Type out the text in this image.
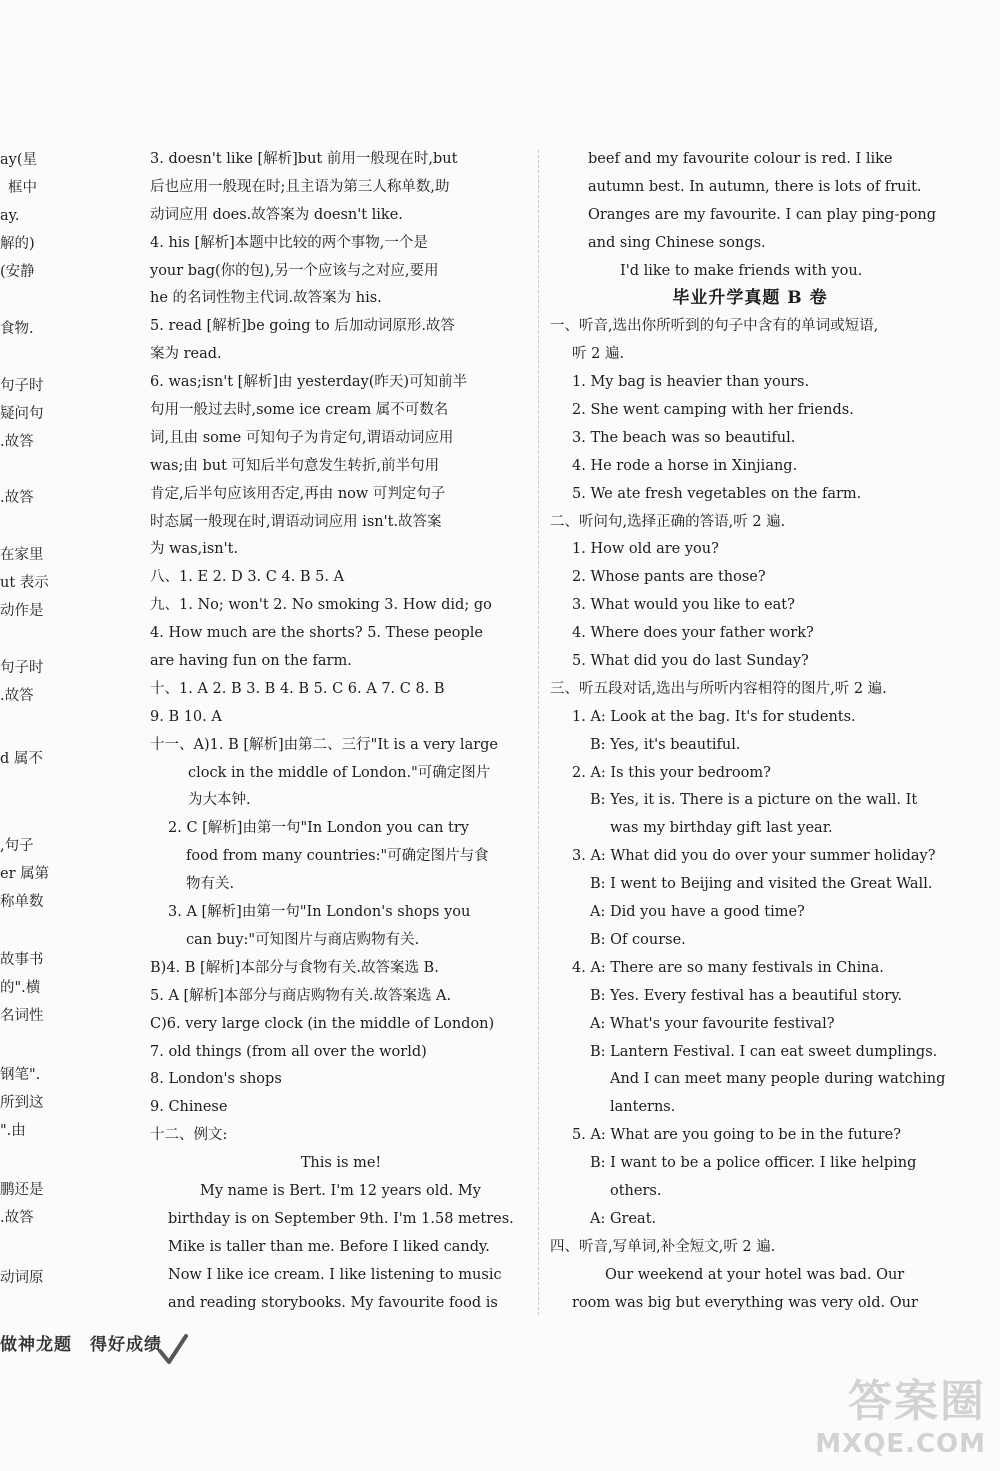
ay(星
框中
ay.
解的)
(安静
食物.
句子时
疑问句
.故答
.故答
在家里
ut 表示
动作是
句子时
.故答
d 属不
,句子
er 属第
称单数
故事书
的".横
名词性
钢笔".
所到这
".由
鹏还是
.故答
动词原
3. doesn't like [解析]but 前用一般现在时,but
后也应用一般现在时;且主语为第三人称单数,助
动词应用 does.故答案为 doesn't like.
4. his [解析]本题中比较的两个事物,一个是
your bag(你的包),另一个应该与之对应,要用
he 的名词性物主代词.故答案为 his.
5. read [解析]be going to 后加动词原形.故答
案为 read.
6. was;isn't [解析]由 yesterday(昨天)可知前半
句用一般过去时,some ice cream 属不可数名
词,且由 some 可知句子为肯定句,谓语动词应用
was;由 but 可知后半句意发生转折,前半句用
肯定,后半句应该用否定,再由 now 可判定句子
时态属一般现在时,谓语动词应用 isn't.故答案
为 was,isn't.
八、1. E 2. D 3. C 4. B 5. A
九、1. No; won't 2. No smoking 3. How did; go
4. How much are the shorts? 5. These people
are having fun on the farm.
十、1. A 2. B 3. B 4. B 5. C 6. A 7. C 8. B
9. B 10. A
十一、A)1. B [解析]由第二、三行"It is a very large
clock in the middle of London."可确定图片
为大本钟.
2. C [解析]由第一句"In London you can try
food from many countries:"可确定图片与食
物有关.
3. A [解析]由第一句"In London's shops you
can buy:"可知图片与商店购物有关.
B)4. B [解析]本部分与食物有关.故答案选 B.
5. A [解析]本部分与商店购物有关.故答案选 A.
C)6. very large clock (in the middle of London)
7. old things (from all over the world)
8. London's shops
9. Chinese
十二、例文:
This is me!
My name is Bert. I'm 12 years old. My
birthday is on September 9th. I'm 1.58 metres.
Mike is taller than me. Before I liked candy.
Now I like ice cream. I like listening to music
and reading storybooks. My favourite food is
beef and my favourite colour is red. I like
autumn best. In autumn, there is lots of fruit.
Oranges are my favourite. I can play ping-pong
and sing Chinese songs.
I'd like to make friends with you.
毕业升学真题 B 卷
一、听音,选出你所听到的句子中含有的单词或短语,
听 2 遍.
1. My bag is heavier than yours.
2. She went camping with her friends.
3. The beach was so beautiful.
4. He rode a horse in Xinjiang.
5. We ate fresh vegetables on the farm.
二、听问句,选择正确的答语,听 2 遍.
1. How old are you?
2. Whose pants are those?
3. What would you like to eat?
4. Where does your father work?
5. What did you do last Sunday?
三、听五段对话,选出与所听内容相符的图片,听 2 遍.
1. A: Look at the bag. It's for students.
B: Yes, it's beautiful.
2. A: Is this your bedroom?
B: Yes, it is. There is a picture on the wall. It
was my birthday gift last year.
3. A: What did you do over your summer holiday?
B: I went to Beijing and visited the Great Wall.
A: Did you have a good time?
B: Of course.
4. A: There are so many festivals in China.
B: Yes. Every festival has a beautiful story.
A: What's your favourite festival?
B: Lantern Festival. I can eat sweet dumplings.
And I can meet many people during watching
lanterns.
5. A: What are you going to be in the future?
B: I want to be a police officer. I like helping
others.
A: Great.
四、听音,写单词,补全短文,听 2 遍.
Our weekend at your hotel was bad. Our
room was big but everything was very old. Our
做神龙题 得好成绩
答案圈
MXQE.COM
